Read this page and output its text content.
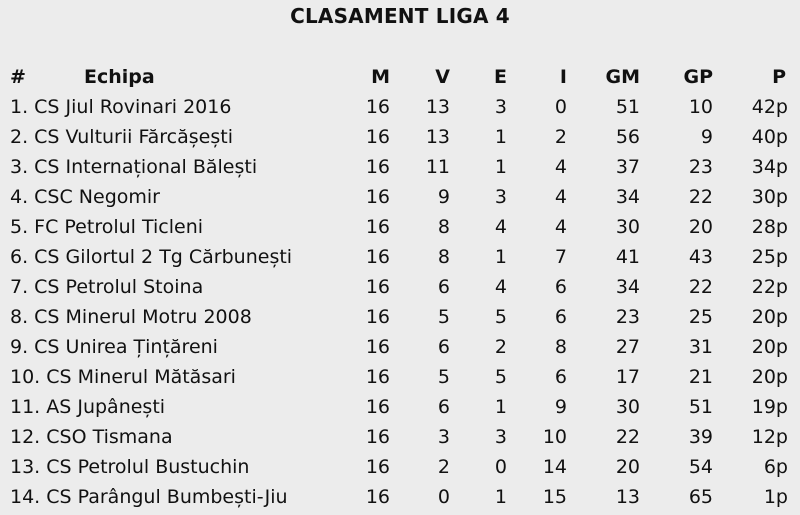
CLASAMENT LIGA 4
# Echipa	M	V	E	I	GM	GP	P
1. CS Jiul Rovinari 2016	16	13	3	0	51	10	42p
2. CS Vulturii Fărcășești	16	13	1	2	56	9	40p
3. CS Internațional Bălești	16	11	1	4	37	23	34p
4. CSC Negomir	16	9	3	4	34	22	30p
5. FC Petrolul Ticleni	16	8	4	4	30	20	28p
6. CS Gilortul 2 Tg Cărbunești	16	8	1	7	41	43	25p
7. CS Petrolul Stoina	16	6	4	6	34	22	22p
8. CS Minerul Motru 2008	16	5	5	6	23	25	20p
9. CS Unirea Țințăreni	16	6	2	8	27	31	20p
10. CS Minerul Mătăsari	16	5	5	6	17	21	20p
11. AS Jupânești	16	6	1	9	30	51	19p
12. CSO Tismana	16	3	3	10	22	39	12p
13. CS Petrolul Bustuchin	16	2	0	14	20	54	6p
14. CS Parângul Bumbești-Jiu	16	0	1	15	13	65	1p
